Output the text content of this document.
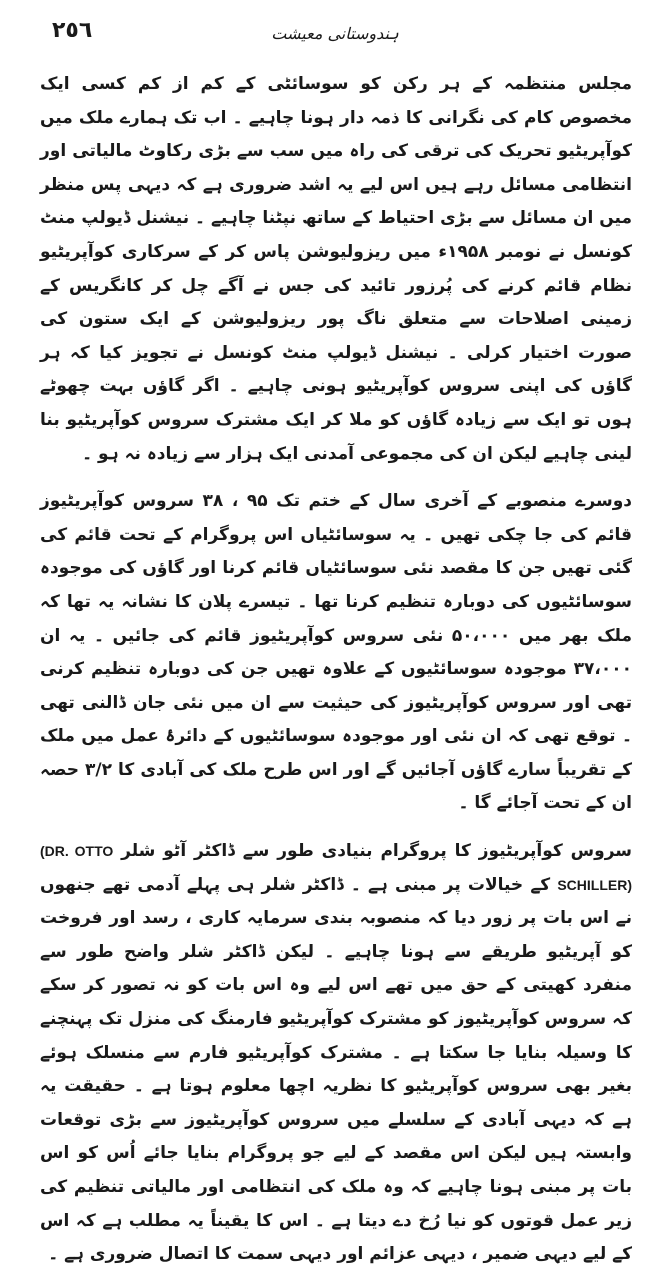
٢٥٦	ہندوستانی معیشت

مجلس منتظمہ کے ہر رکن کو سوسائٹی کے کم از کم کسی ایک مخصوص کام کی نگرانی کا ذمہ دار ہونا چاہیے ۔ اب تک ہمارے ملک میں کوآپریٹیو تحریک کی ترقی کی راہ میں سب سے بڑی رکاوٹ مالیاتی اور انتظامی مسائل رہے ہیں اس لیے یہ اشد ضروری ہے کہ دیہی پس منظر میں ان مسائل سے بڑی احتیاط کے ساتھ نپٹنا چاہیے ۔ نیشنل ڈیولپ منٹ کونسل نے نومبر ۱۹۵۸ء میں ریزولیوشن پاس کر کے سرکاری کوآپریٹیو نظام قائم کرنے کی پُرزور تائید کی جس نے آگے چل کر کانگریس کے زمینی اصلاحات سے متعلق ناگ پور ریزولیوشن کے ایک ستون کی صورت اختیار کرلی ۔ نیشنل ڈیولپ منٹ کونسل نے تجویز کیا کہ ہر گاؤں کی اپنی سروس کوآپریٹیو ہونی چاہیے ۔ اگر گاؤں بہت چھوٹے ہوں تو ایک سے زیادہ گاؤں کو ملا کر ایک مشترک سروس کوآپریٹیو بنا لینی چاہیے لیکن ان کی مجموعی آمدنی ایک ہزار سے زیادہ نہ ہو ۔

دوسرے منصوبے کے آخری سال کے ختم تک ۹۵ ، ۳۸ سروس کوآپریٹیوز قائم کی جا چکی تھیں ۔ یہ سوسائٹیاں اس پروگرام کے تحت قائم کی گئی تھیں جن کا مقصد نئی سوسائٹیاں قائم کرنا اور گاؤں کی موجودہ سوسائٹیوں کی دوبارہ تنظیم کرنا تھا ۔ تیسرے پلان کا نشانہ یہ تھا کہ ملک بھر میں ۵۰،۰۰۰ نئی سروس کوآپریٹیوز قائم کی جائیں ۔ یہ ان ۳۷،۰۰۰ موجودہ سوسائٹیوں کے علاوہ تھیں جن کی دوبارہ تنظیم کرنی تھی اور سروس کوآپریٹیوز کی حیثیت سے ان میں نئی جان ڈالنی تھی ۔ توقع تھی کہ ان نئی اور موجودہ سوسائٹیوں کے دائرۂ عمل میں ملک کے تقریباً سارے گاؤں آجائیں گے اور اس طرح ملک کی آبادی کا ۳/۲ حصہ ان کے تحت آجائے گا ۔

سروس کوآپریٹیوز کا پروگرام بنیادی طور سے ڈاکٹر آٹو شلر (DR. OTTO SCHILLER) کے خیالات پر مبنی ہے ۔ ڈاکٹر شلر ہی پہلے آدمی تھے جنھوں نے اس بات پر زور دیا کہ منصوبہ بندی سرمایہ کاری ، رسد اور فروخت کو آپریٹیو طریقے سے ہونا چاہیے ۔ لیکن ڈاکٹر شلر واضح طور سے منفرد کھیتی کے حق میں تھے اس لیے وہ اس بات کو نہ تصور کر سکے کہ سروس کوآپریٹیوز کو مشترک کوآپریٹیو فارمنگ کی منزل تک پہنچنے کا وسیلہ بنایا جا سکتا ہے ۔ مشترک کوآپریٹیو فارم سے منسلک ہوئے بغیر بھی سروس کوآپریٹیو کا نظریہ اچھا معلوم ہوتا ہے ۔ حقیقت یہ ہے کہ دیہی آبادی کے سلسلے میں سروس کوآپریٹیوز سے بڑی توقعات وابستہ ہیں لیکن اس مقصد کے لیے جو پروگرام بنایا جائے اُس کو اس بات پر مبنی ہونا چاہیے کہ وہ ملک کی انتظامی اور مالیاتی تنظیم کی زیر عمل قوتوں کو نیا رُخ دے دیتا ہے ۔ اس کا یقیناً یہ مطلب ہے کہ اس کے لیے دیہی ضمیر ، دیہی عزائم اور دیہی سمت کا اتصال ضروری ہے ۔
